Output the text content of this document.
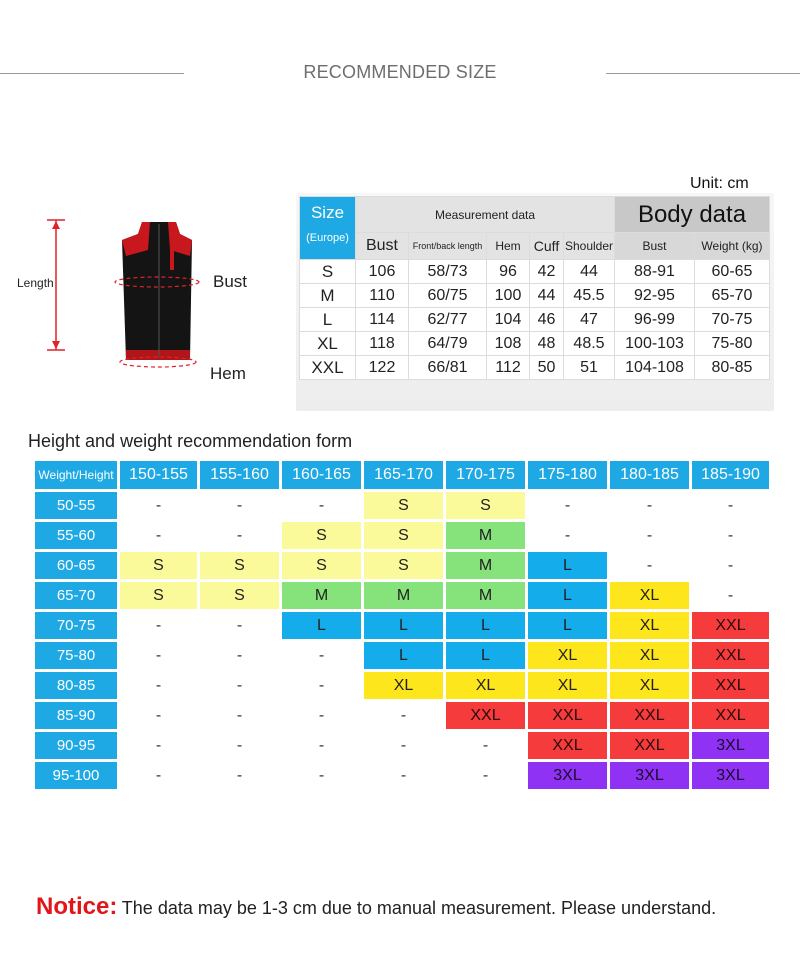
RECOMMENDED SIZE
Unit: cm
Length	Bust
Hem
Size
(Europe)	Measurement data					Body data	
	Bust	Front/back length	Hem	Cuff	Shoulder	Bust	Weight (kg)
S	106	58/73	96	42	44	88-91	60-65
M	110	60/75	100	44	45.5	92-95	65-70
L	114	62/77	104	46	47	96-99	70-75
XL	118	64/79	108	48	48.5	100-103	75-80
XXL	122	66/81	112	50	51	104-108	80-85
Height and weight recommendation form
Weight/Height	150-155	155-160	160-165	165-170	170-175	175-180	180-185	185-190
50-55	-	-	-	S	S	-	-	-
55-60	-	-	S	S	M	-	-	-
60-65	S	S	S	S	M	L	-	-
65-70	S	S	M	M	M	L	XL	-
70-75	-	-	L	L	L	L	XL	XXL
75-80	-	-	-	L	L	XL	XL	XXL
80-85	-	-	-	XL	XL	XL	XL	XXL
85-90	-	-	-	-	XXL	XXL	XXL	XXL
90-95	-	-	-	-	-	XXL	XXL	3XL
95-100	-	-	-	-	-	3XL	3XL	3XL
Notice: The data may be 1-3 cm due to manual measurement. Please understand.
